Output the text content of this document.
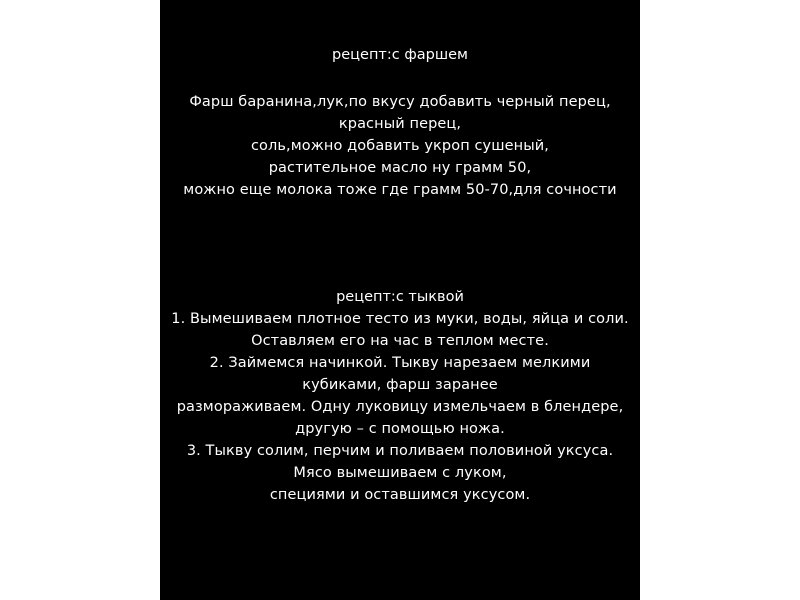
рецепт:с фаршем
Фарш баранина,лук,по вкусу добавить черный перец,
красный перец,
соль,можно добавить укроп сушеный,
растительное масло ну грамм 50,
можно еще молока тоже где грамм 50-70,для сочности
рецепт:с тыквой
1. Вымешиваем плотное тесто из муки, воды, яйца и соли.
Оставляем его на час в теплом месте.
2. Займемся начинкой. Тыкву нарезаем мелкими
кубиками, фарш заранее
размораживаем. Одну луковицу измельчаем в блендере,
другую – с помощью ножа.
3. Тыкву солим, перчим и поливаем половиной уксуса.
Мясо вымешиваем с луком,
специями и оставшимся уксусом.
